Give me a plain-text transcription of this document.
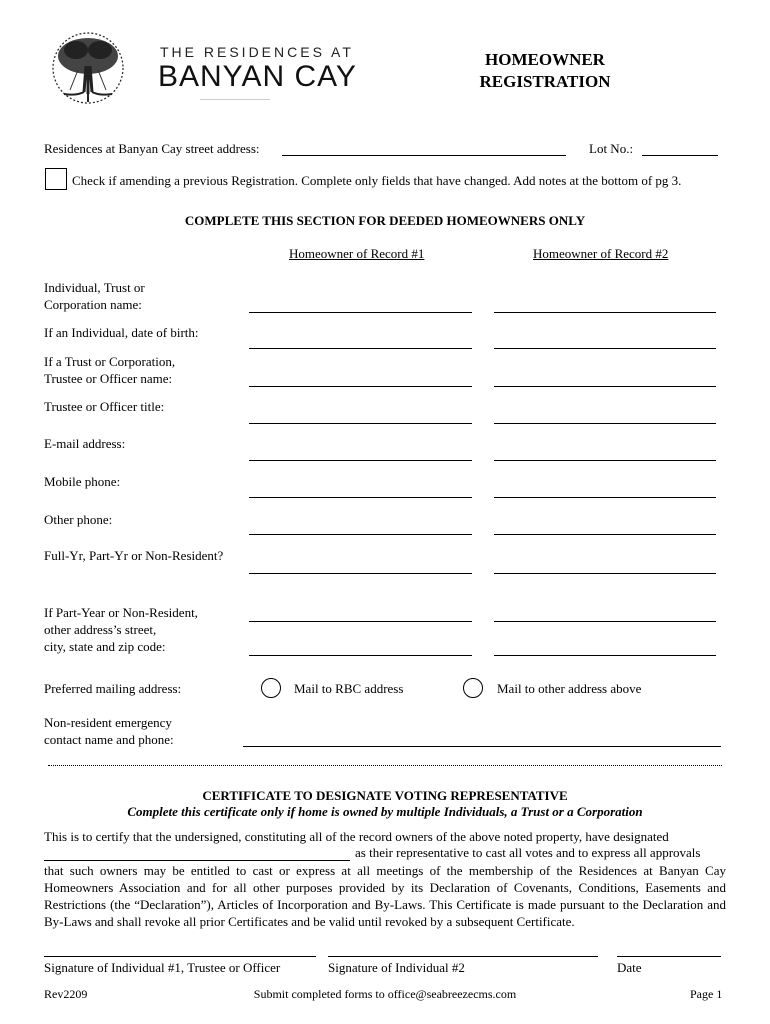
THE RESIDENCES AT
BANYAN CAY
HOMEOWNER
REGISTRATION
Residences at Banyan Cay street address:	Lot No.:
Check if amending a previous Registration. Complete only fields that have changed. Add notes at the bottom of pg 3.
COMPLETE THIS SECTION FOR DEEDED HOMEOWNERS ONLY
Homeowner of Record #1	Homeowner of Record #2
Individual, Trust or
Corporation name:
If an Individual, date of birth:
If a Trust or Corporation,
Trustee or Officer name:
Trustee or Officer title:
E-mail address:
Mobile phone:
Other phone:
Full-Yr, Part-Yr or Non-Resident?
If Part-Year or Non-Resident,
other address’s street,
city, state and zip code:
Preferred mailing address:	Mail to RBC address	Mail to other address above
Non-resident emergency
contact name and phone:
CERTIFICATE TO DESIGNATE VOTING REPRESENTATIVE
Complete this certificate only if home is owned by multiple Individuals, a Trust or a Corporation
This is to certify that the undersigned, constituting all of the record owners of the above noted property, have designated
as their representative to cast all votes and to express all approvals
that such owners may be entitled to cast or express at all meetings of the membership of the Residences at Banyan Cay Homeowners Association and for all other purposes provided by its Declaration of Covenants, Conditions, Easements and Restrictions (the “Declaration”), Articles of Incorporation and By-Laws. This Certificate is made pursuant to the Declaration and By-Laws and shall revoke all prior Certificates and be valid until revoked by a subsequent Certificate.
Signature of Individual #1, Trustee or Officer	Signature of Individual #2	Date
Rev2209	Submit completed forms to office@seabreezecms.com	Page 1
